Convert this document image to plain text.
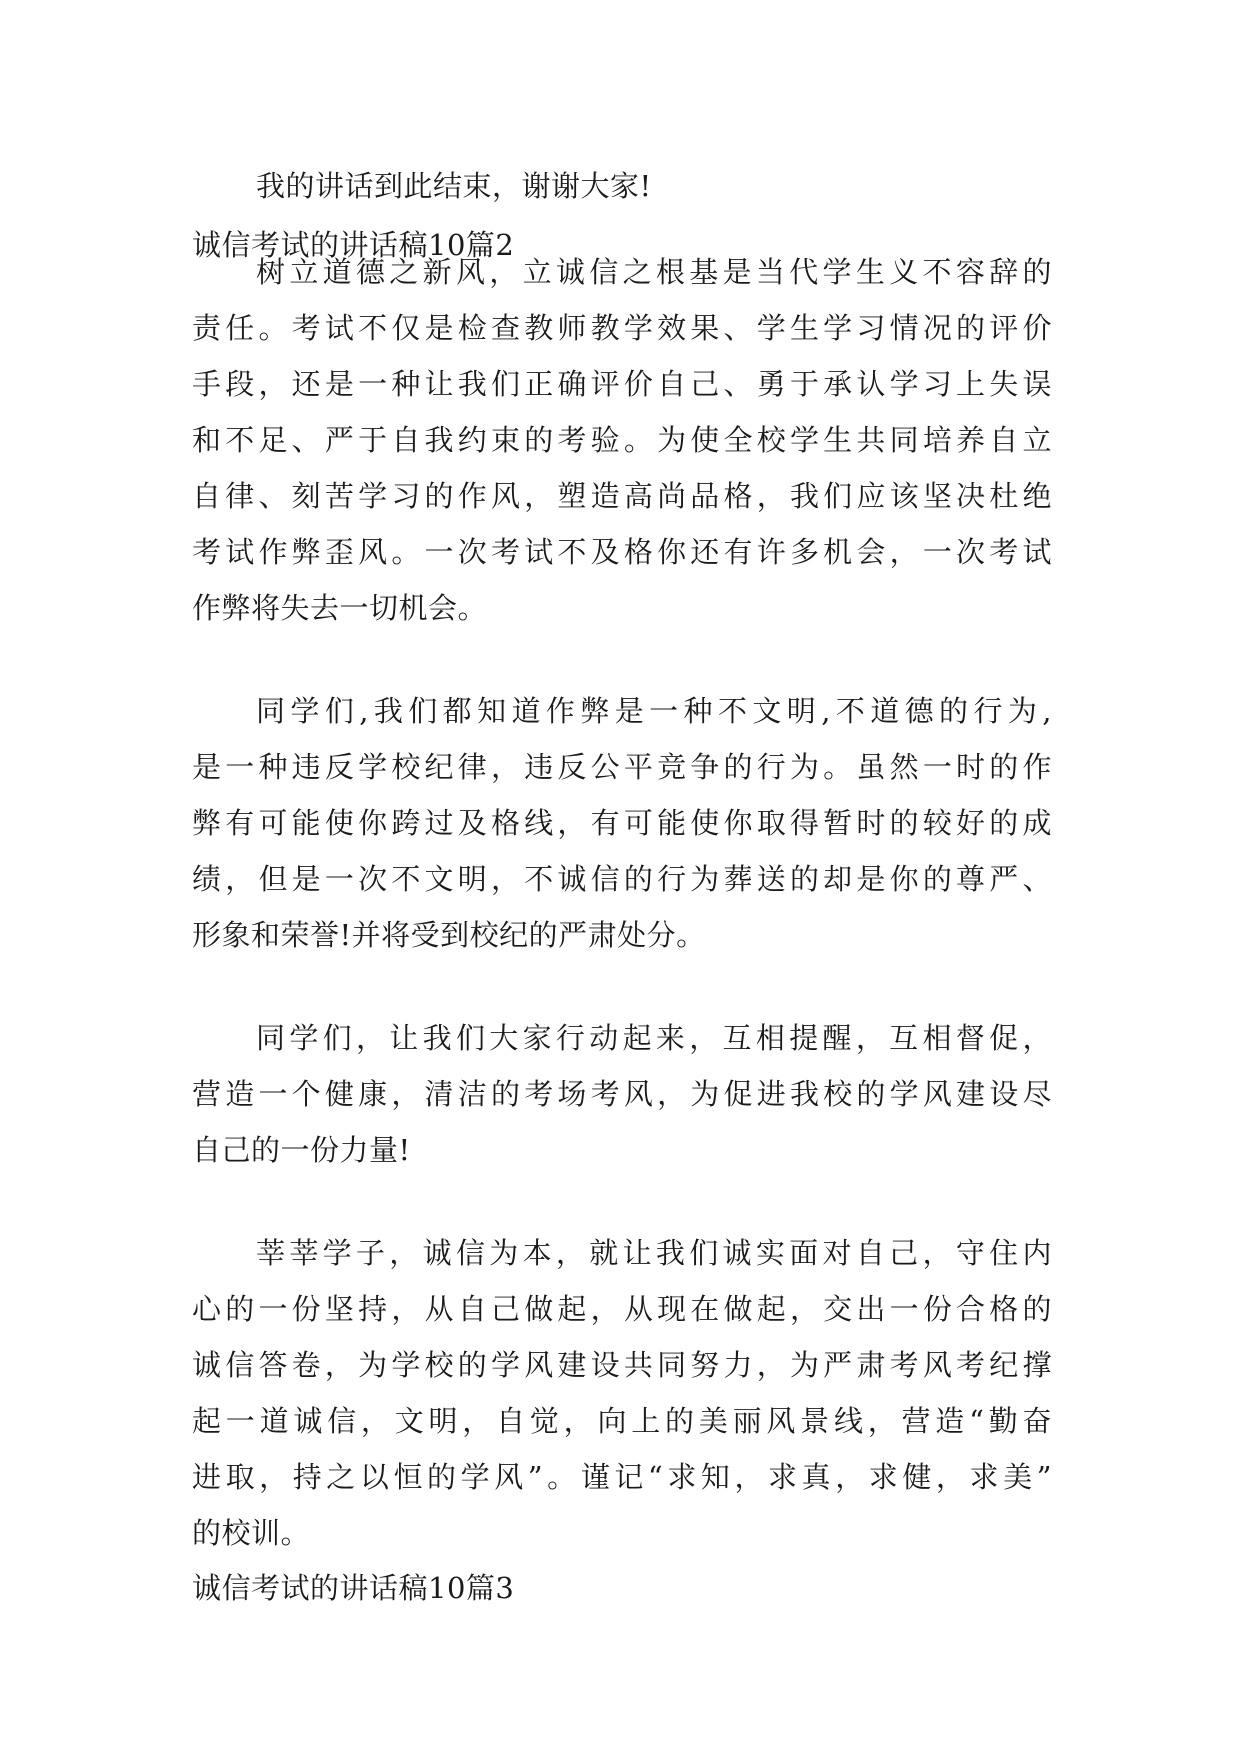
我的讲话到此结束，谢谢大家!

诚信考试的讲话稿10篇2

树立道德之新风，立诚信之根基是当代学生义不容辞的

责任。考试不仅是检查教师教学效果、学生学习情况的评价

手段，还是一种让我们正确评价自己、勇于承认学习上失误

和不足、严于自我约束的考验。为使全校学生共同培养自立

自律、刻苦学习的作风，塑造高尚品格，我们应该坚决杜绝

考试作弊歪风。一次考试不及格你还有许多机会，一次考试

作弊将失去一切机会。

同学们,我们都知道作弊是一种不文明,不道德的行为,

是一种违反学校纪律，违反公平竞争的行为。虽然一时的作

弊有可能使你跨过及格线，有可能使你取得暂时的较好的成

绩，但是一次不文明，不诚信的行为葬送的却是你的尊严、

形象和荣誉!并将受到校纪的严肃处分。

同学们，让我们大家行动起来，互相提醒，互相督促，

营造一个健康，清洁的考场考风，为促进我校的学风建设尽

自己的一份力量!

莘莘学子，诚信为本，就让我们诚实面对自己，守住内

心的一份坚持，从自己做起，从现在做起，交出一份合格的

诚信答卷，为学校的学风建设共同努力，为严肃考风考纪撑

起一道诚信，文明，自觉，向上的美丽风景线，营造“勤奋

进取，持之以恒的学风”。谨记“求知，求真，求健，求美”

的校训。

诚信考试的讲话稿10篇3
